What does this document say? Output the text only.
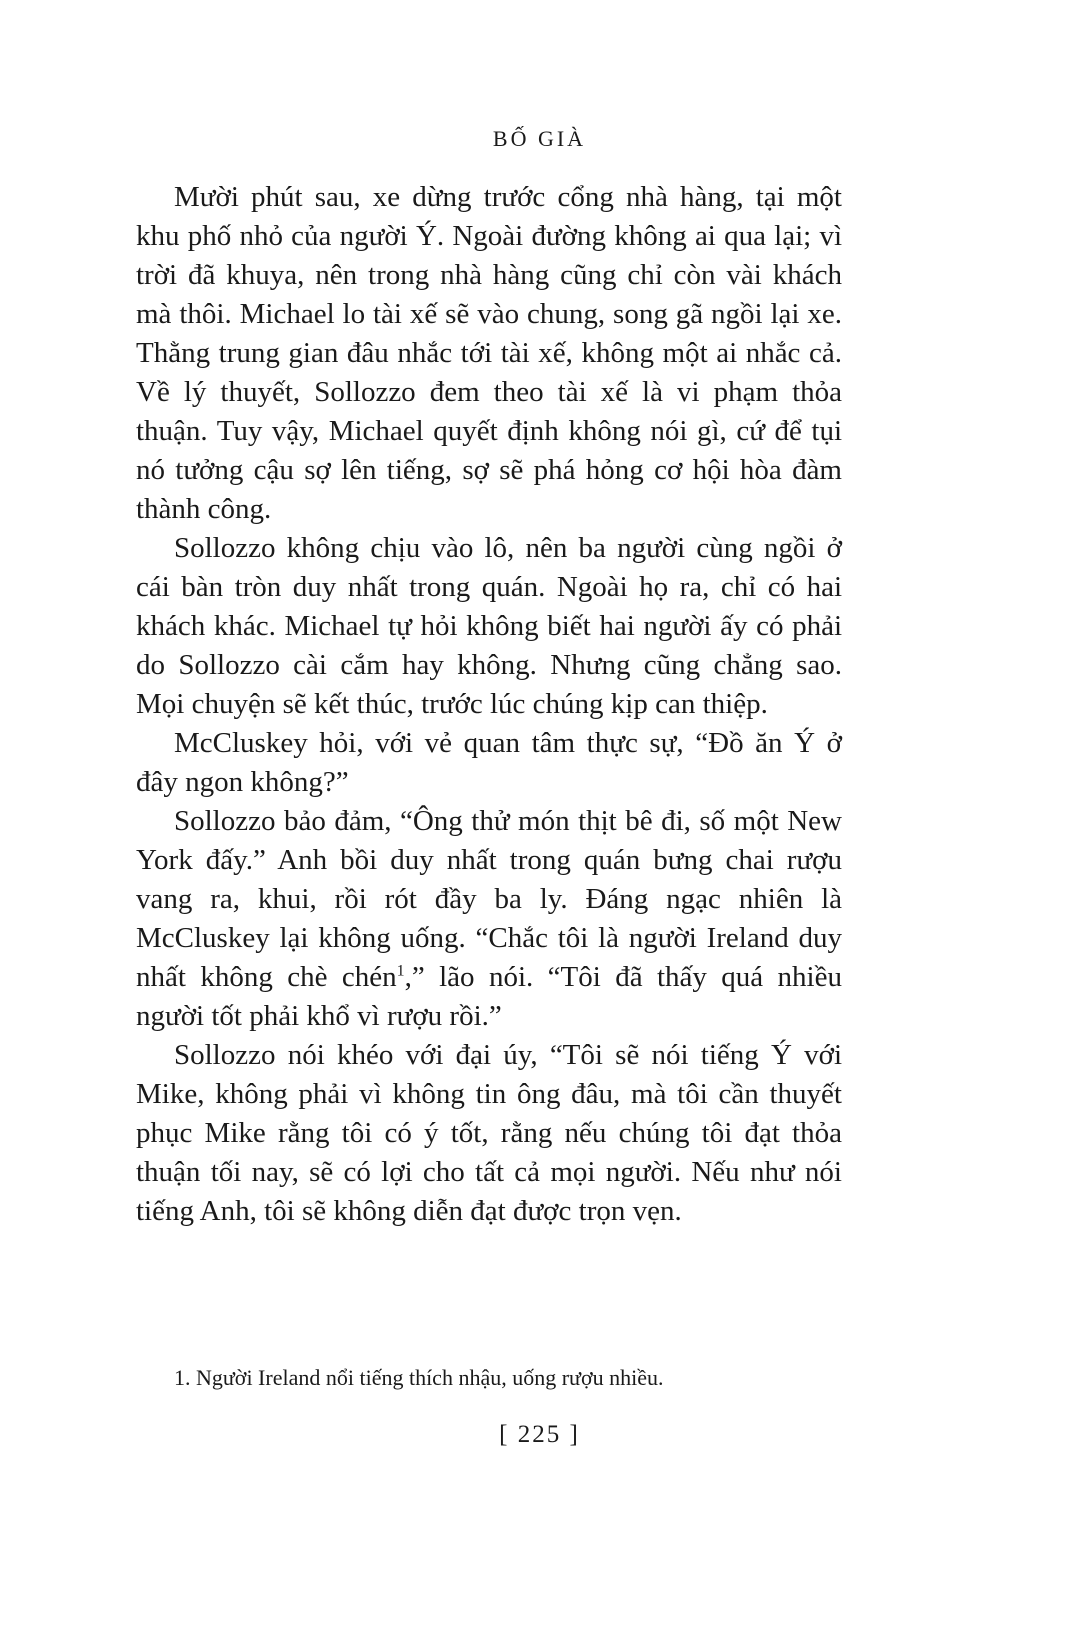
BỐ GIÀ

Mười phút sau, xe dừng trước cổng nhà hàng, tại một khu phố nhỏ của người Ý. Ngoài đường không ai qua lại; vì trời đã khuya, nên trong nhà hàng cũng chỉ còn vài khách mà thôi. Michael lo tài xế sẽ vào chung, song gã ngồi lại xe. Thằng trung gian đâu nhắc tới tài xế, không một ai nhắc cả. Về lý thuyết, Sollozzo đem theo tài xế là vi phạm thỏa thuận. Tuy vậy, Michael quyết định không nói gì, cứ để tụi nó tưởng cậu sợ lên tiếng, sợ sẽ phá hỏng cơ hội hòa đàm thành công.

Sollozzo không chịu vào lô, nên ba người cùng ngồi ở cái bàn tròn duy nhất trong quán. Ngoài họ ra, chỉ có hai khách khác. Michael tự hỏi không biết hai người ấy có phải do Sollozzo cài cắm hay không. Nhưng cũng chẳng sao. Mọi chuyện sẽ kết thúc, trước lúc chúng kịp can thiệp.

McCluskey hỏi, với vẻ quan tâm thực sự, “Đồ ăn Ý ở đây ngon không?”

Sollozzo bảo đảm, “Ông thử món thịt bê đi, số một New York đấy.” Anh bồi duy nhất trong quán bưng chai rượu vang ra, khui, rồi rót đầy ba ly. Đáng ngạc nhiên là McCluskey lại không uống. “Chắc tôi là người Ireland duy nhất không chè chén$^1$,” lão nói. “Tôi đã thấy quá nhiều người tốt phải khổ vì rượu rồi.”

Sollozzo nói khéo với đại úy, “Tôi sẽ nói tiếng Ý với Mike, không phải vì không tin ông đâu, mà tôi cần thuyết phục Mike rằng tôi có ý tốt, rằng nếu chúng tôi đạt thỏa thuận tối nay, sẽ có lợi cho tất cả mọi người. Nếu như nói tiếng Anh, tôi sẽ không diễn đạt được trọn vẹn.

1. Người Ireland nổi tiếng thích nhậu, uống rượu nhiều.
[ 225 ]
